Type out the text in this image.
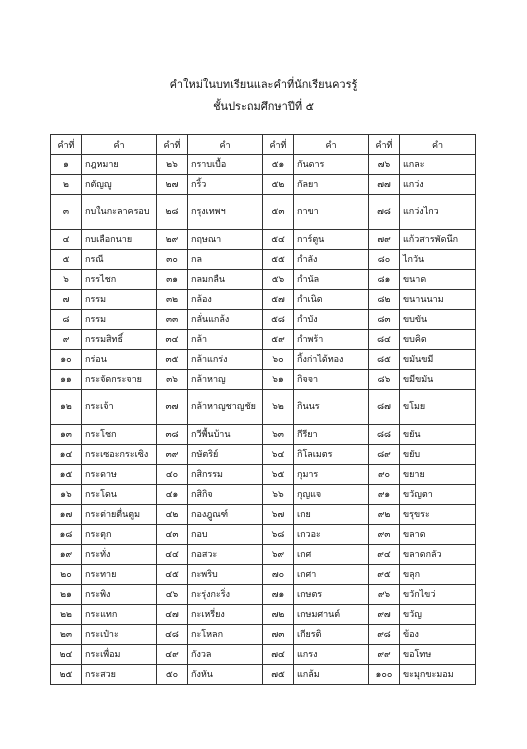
คำใหม่ในบทเรียนและคำที่นักเรียนควรรู้
ชั้นประถมศึกษาปีที่ ๕
คำที่	คำ	คำที่	คำ	คำที่	คำ	คำที่	คำ
๑	กฎหมาย	๒๖	กราบเบื้อ	๕๑	กันดาร	๗๖	แกละ
๒	กตัญญู	๒๗	กริ้ว	๕๒	กัลยา	๗๗	แกว่ง
๓	กบในกะลาครอบ	๒๘	กรุงเทพฯ	๕๓	กาขา	๗๘	แกว่งไกว
๔	กบเลือกนาย	๒๙	กฤษณา	๕๔	การ์ตูน	๗๙	แก้วสารพัดนึก
๕	กรณี	๓๐	กล	๕๕	กำลัง	๘๐	ไกวัน
๖	กรรไชก	๓๑	กลมกลืน	๕๖	กำนัล	๘๑	ขนาด
๗	กรรม	๓๒	กล้อง	๕๗	กำเนิด	๘๒	ขนานนาม
๘	กรรม	๓๓	กลั่นแกล้ง	๕๘	กำบัง	๘๓	ขบขัน
๙	กรรมสิทธิ์	๓๔	กล้า	๕๙	กำพร้า	๘๔	ขบคิด
๑๐	กร่อน	๓๕	กล้าแกร่ง	๖๐	กิ้งก่าได้ทอง	๘๕	ขมันขมี
๑๑	กระจัดกระจาย	๓๖	กล้าหาญ	๖๑	กิจจา	๘๖	ขมีขมัน
๑๒	กระเจ้า	๓๗	กล้าหาญชาญชัย	๖๒	กินนร	๘๗	ขโมย
๑๓	กระโชก	๓๘	กวีพื้นบ้าน	๖๓	กีรียา	๘๘	ขยัน
๑๔	กระเซอะกระเซิง	๓๙	กษัตริย์	๖๔	กิโลเมตร	๘๙	ขยับ
๑๕	กระดาษ	๔๐	กสิกรรม	๖๕	กุมาร	๙๐	ขยาย
๑๖	กระโดน	๔๑	กสิกิจ	๖๖	กุญแจ	๙๑	ขวัญตา
๑๗	กระต่ายตื่นตูม	๔๒	กองฎูณฑ์	๖๗	เกย	๙๒	ขรุขระ
๑๘	กระตุก	๔๓	กอบ	๖๘	เกวอะ	๙๓	ขลาด
๑๙	กระทั่ง	๔๔	กอสวะ	๖๙	เกศ	๙๔	ขลาดกลัว
๒๐	กระทาย	๔๕	กะพริบ	๗๐	เกศา	๙๕	ขลุก
๒๑	กระพิง	๔๖	กะรุ่งกะริ่ง	๗๑	เกษตร	๙๖	ขวักไขว่
๒๒	กระแทก	๔๗	กะเหรี่ยง	๗๒	เกษมศานต์	๙๗	ขวัญ
๒๓	กระเป๋าะ	๔๘	กะโหลก	๗๓	เกียรติ	๙๘	ข้อง
๒๔	กระเพื่อม	๔๙	กังวล	๗๔	แกรง	๙๙	ขอโทษ
๒๕	กระสวย	๕๐	กังหัน	๗๕	แกล้ม	๑๐๐	ขะมุกขะมอม
